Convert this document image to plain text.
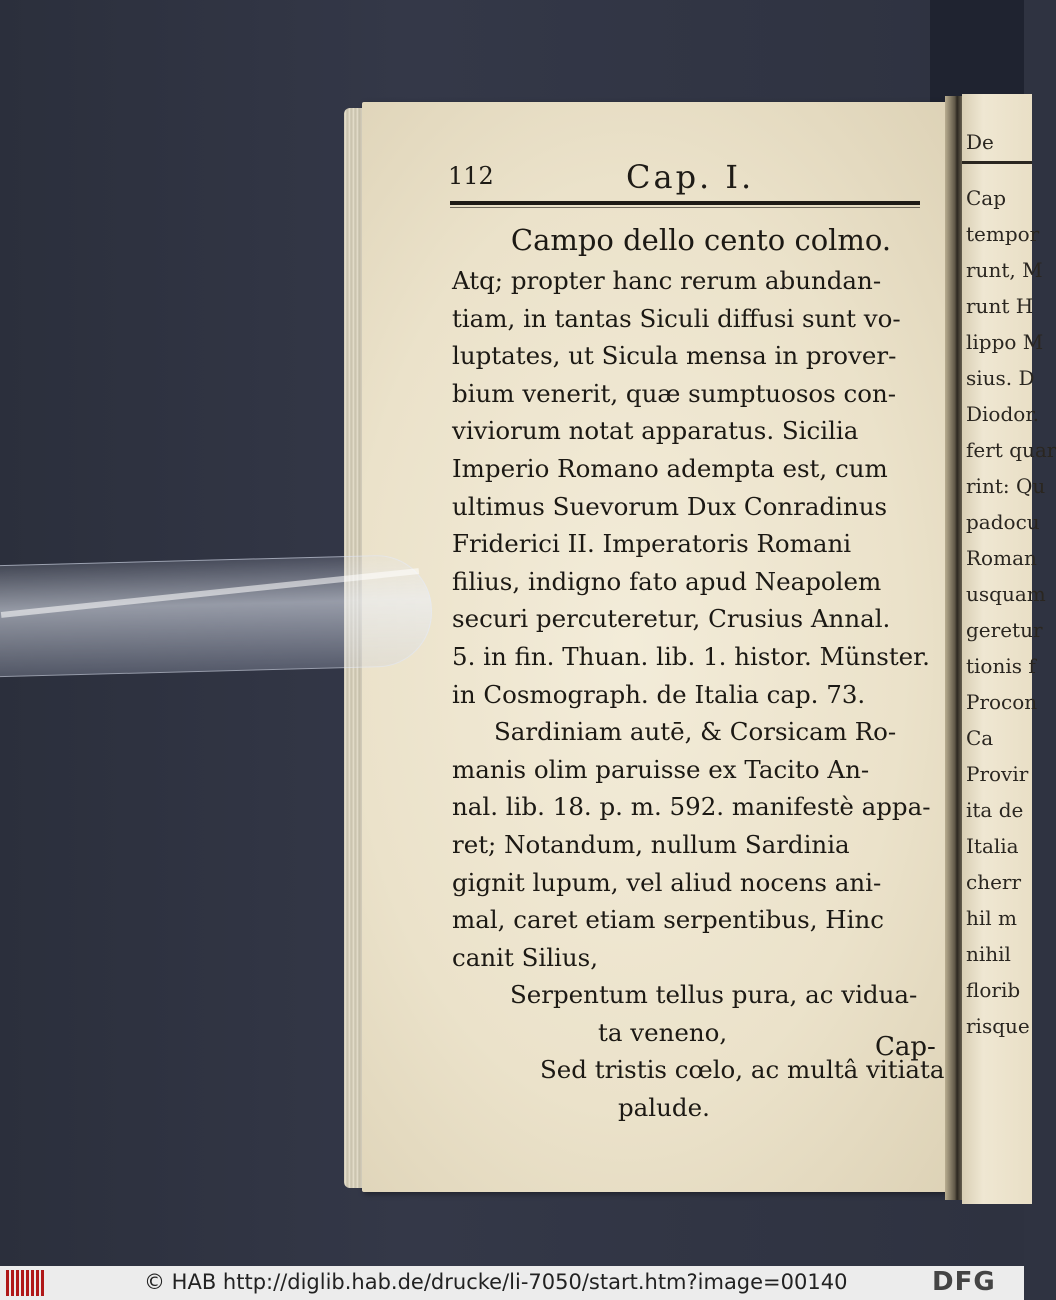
De
Cap
tempor
runt, M
runt H
lippo M
sius. D
Diodor.
fert quar
rint: Qu
padocu
Roman
usquam
geretur
tionis f
Procon
Ca
Provir
ita de
Italia
cherr
hil m
nihil
florib
risque
112	Cap. I.
Campo dello cento colmo.
Atq; propter hanc rerum abundan-
tiam, in tantas Siculi diffusi sunt vo-
luptates, ut Sicula mensa in prover-
bium venerit, quæ sumptuosos con-
viviorum notat apparatus. Sicilia
Imperio Romano adempta est, cum
ultimus Suevorum Dux Conradinus
Friderici II. Imperatoris Romani
filius, indigno fato apud Neapolem
securi percuteretur, Crusius Annal.
5. in fin. Thuan. lib. 1. histor. Münster.
in Cosmograph. de Italia cap. 73.
Sardiniam autē, & Corsicam Ro-
manis olim paruisse ex Tacito An-
nal. lib. 18. p. m. 592. manifestè appa-
ret; Notandum, nullum Sardinia
gignit lupum, vel aliud nocens ani-
mal, caret etiam serpentibus, Hinc
canit Silius,
Serpentum tellus pura, ac vidua-
ta veneno,
Sed tristis cœlo, ac multâ vitiata
palude.
Cap-
© HAB http://diglib.hab.de/drucke/li-7050/start.htm?image=00140	DFG
